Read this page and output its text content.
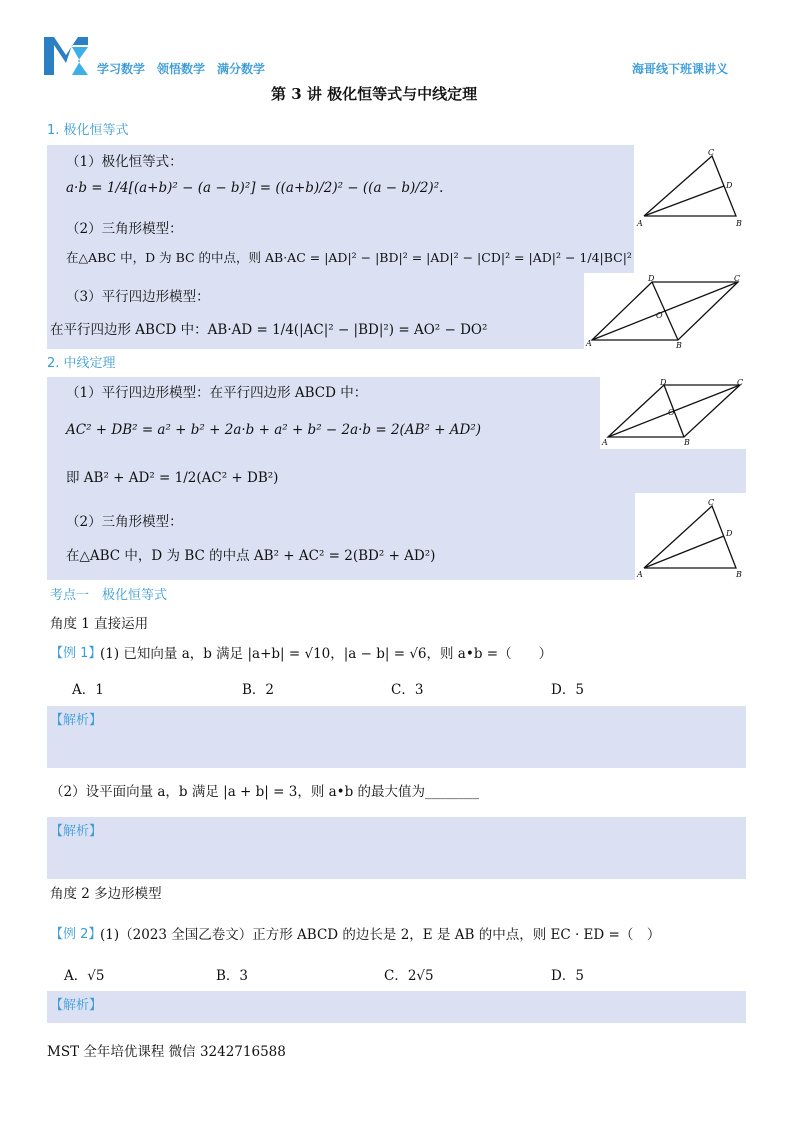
学习数学　领悟数学　满分数学	海哥线下班课讲义
第 3 讲 极化恒等式与中线定理
1. 极化恒等式
（1）极化恒等式：
a·b = 1/4[(a+b)² − (a − b)²] = ((a+b)/2)² − ((a − b)/2)².
（2）三角形模型：
在△ABC 中，D 为 BC 的中点，则 AB·AC = |AD|² − |BD|² = |AD|² − |CD|² = |AD|² − 1/4|BC|²
（3）平行四边形模型：
在平行四边形 ABCD 中：AB·AD = 1/4(|AC|² − |BD|²) = AO² − DO²
C
D
A	B
D	C
O
A	B
2. 中线定理
（1）平行四边形模型：在平行四边形 ABCD 中：
AC² + DB² = a² + b² + 2a·b + a² + b² − 2a·b = 2(AB² + AD²)
即 AB² + AD² = 1/2(AC² + DB²)
（2）三角形模型：
在△ABC 中，D 为 BC 的中点 AB² + AC² = 2(BD² + AD²)
D	C
O
A	B
C
D
A	B
考点一　极化恒等式
角度 1 直接运用
【例 1】
(1) 已知向量 a，b 满足 |a+b| = √10，|a − b| = √6，则 a•b =（　　）
A．1	B．2	C．3	D．5
【解析】
（2）设平面向量 a，b 满足 |a + b| = 3，则 a•b 的最大值为________
【解析】
角度 2 多边形模型
【例 2】
(1)（2023 全国乙卷文）正方形 ABCD 的边长是 2，E 是 AB 的中点，则 EC · ED =（　）
A．√5	B．3	C．2√5	D．5
【解析】
MST 全年培优课程 微信 3242716588
